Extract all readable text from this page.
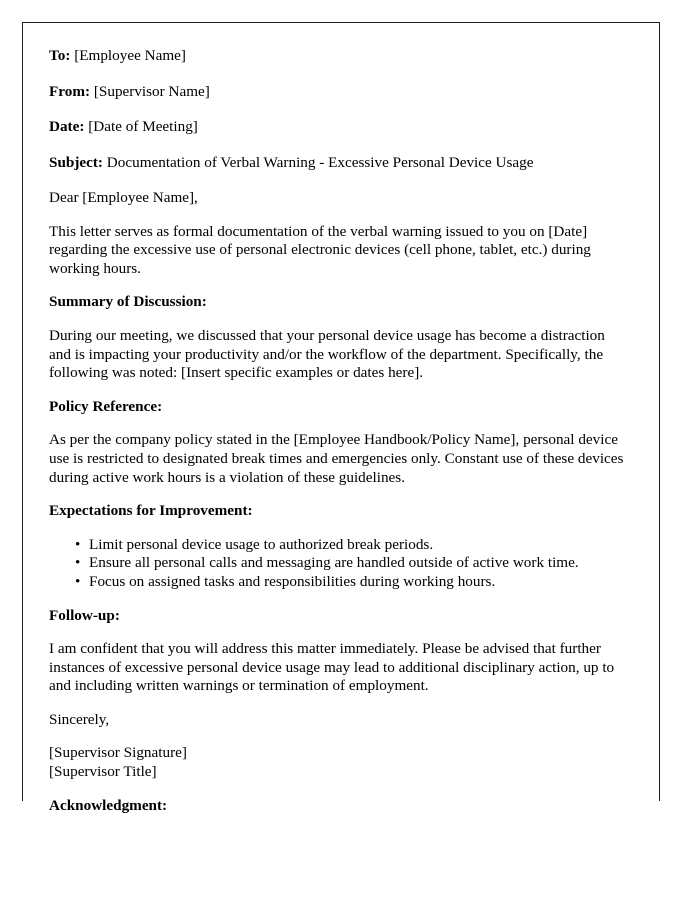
To: [Employee Name]

From: [Supervisor Name]

Date: [Date of Meeting]

Subject: Documentation of Verbal Warning - Excessive Personal Device Usage

Dear [Employee Name],

This letter serves as formal documentation of the verbal warning issued to you on [Date] regarding the excessive use of personal electronic devices (cell phone, tablet, etc.) during working hours.

Summary of Discussion:

During our meeting, we discussed that your personal device usage has become a distraction and is impacting your productivity and/or the workflow of the department. Specifically, the following was noted: [Insert specific examples or dates here].

Policy Reference:

As per the company policy stated in the [Employee Handbook/Policy Name], personal device use is restricted to designated break times and emergencies only. Constant use of these devices during active work hours is a violation of these guidelines.

Expectations for Improvement:

• Limit personal device usage to authorized break periods.
• Ensure all personal calls and messaging are handled outside of active work time.
• Focus on assigned tasks and responsibilities during working hours.

Follow-up:

I am confident that you will address this matter immediately. Please be advised that further instances of excessive personal device usage may lead to additional disciplinary action, up to and including written warnings or termination of employment.

Sincerely,

[Supervisor Signature]
[Supervisor Title]

Acknowledgment:
